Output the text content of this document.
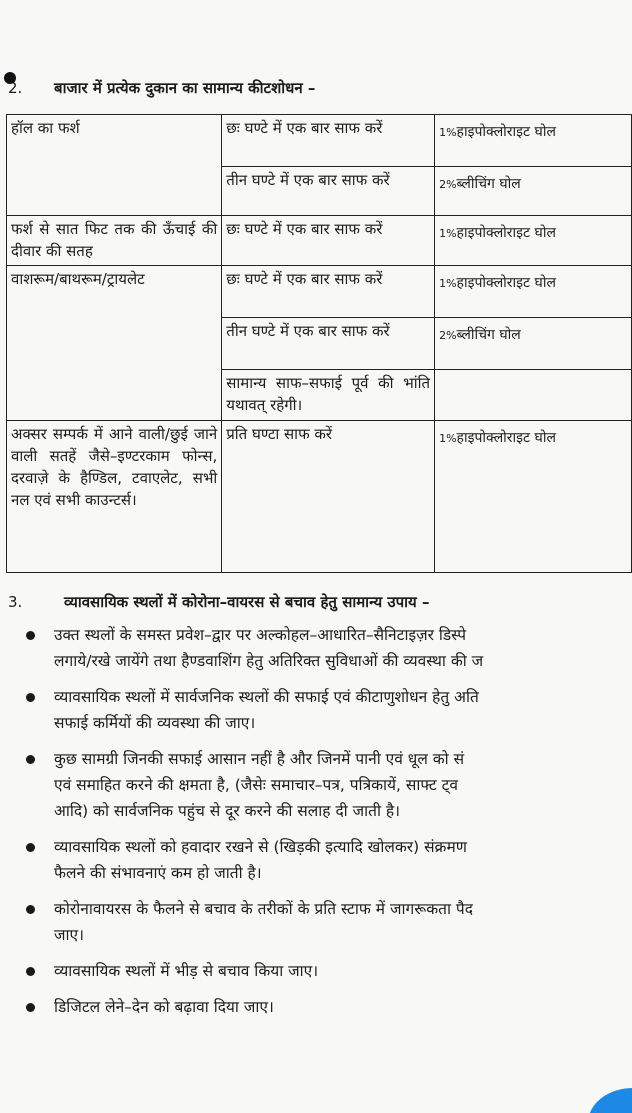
2. बाजार में प्रत्येक दुकान का सामान्य कीटशोधन –
हॉल का फर्श	छः घण्टे में एक बार साफ करें	1%हाइपोक्लोराइट घोल
	तीन घण्टे में एक बार साफ करें	2%ब्लीचिंग घोल
फर्श से सात फिट तक की ऊँचाई की दीवार की सतह	छः घण्टे में एक बार साफ करें	1%हाइपोक्लोराइट घोल
वाशरूम/बाथरूम/ट्रायलेट	छः घण्टे में एक बार साफ करें	1%हाइपोक्लोराइट घोल
	तीन घण्टे में एक बार साफ करें	2%ब्लीचिंग घोल
	सामान्य साफ–सफाई पूर्व की भांति यथावत् रहेगी।	
अक्सर सम्पर्क में आने वाली/छुई जाने वाली सतहें जैसे–इण्टरकाम फोन्स, दरवाज़े के हैण्डिल, टवाएलेट, सभी नल एवं सभी काउन्टर्स।	प्रति घण्टा साफ करें	1%हाइपोक्लोराइट घोल
3.	व्यावसायिक स्थलों में कोरोना–वायरस से बचाव हेतु सामान्य उपाय –
उक्त स्थलों के समस्त प्रवेश–द्वार पर अल्कोहल–आधारित–सैनिटाइज़र डिस्पे
लगाये/रखे जायेंगे तथा हैण्डवाशिंग हेतु अतिरिक्त सुविधाओं की व्यवस्था की ज
व्यावसायिक स्थलों में सार्वजनिक स्थलों की सफाई एवं कीटाणुशोधन हेतु अति
सफाई कर्मियों की व्यवस्था की जाए।
कुछ सामग्री जिनकी सफाई आसान नहीं है और जिनमें पानी एवं धूल को सं
एवं समाहित करने की क्षमता है, (जैसेः समाचार–पत्र, पत्रिकायें, साफ्ट ट्व
आदि) को सार्वजनिक पहुंच से दूर करने की सलाह दी जाती है।
व्यावसायिक स्थलों को हवादार रखने से (खिड़की इत्यादि खोलकर) संक्रमण
फैलने की संभावनाएं कम हो जाती है।
कोरोनावायरस के फैलने से बचाव के तरीकों के प्रति स्टाफ में जागरूकता पैद
जाए।
व्यावसायिक स्थलों में भीड़ से बचाव किया जाए।
डिजिटल लेने–देन को बढ़ावा दिया जाए।
